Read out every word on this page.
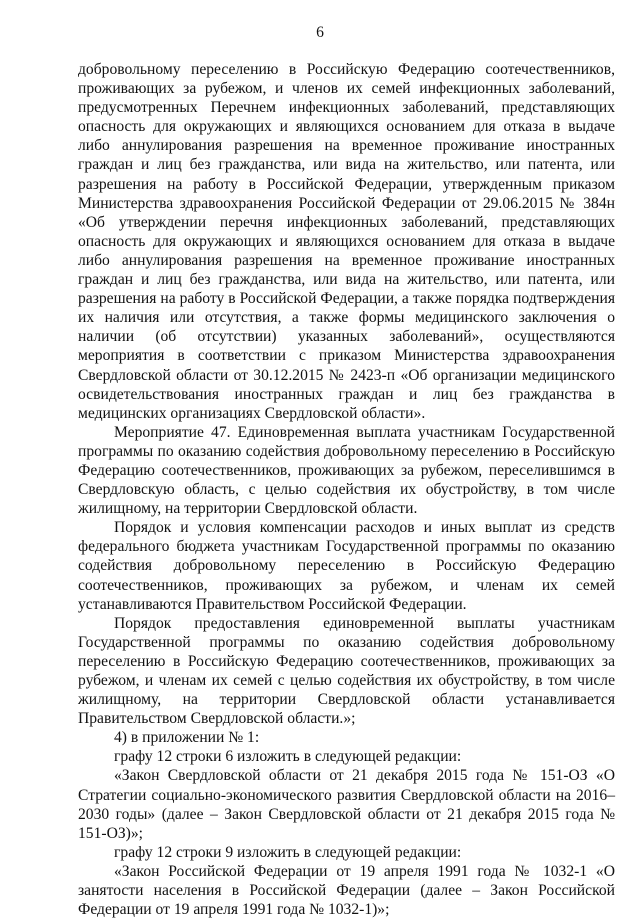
6

добровольному переселению в Российскую Федерацию соотечественников, проживающих за рубежом, и членов их семей инфекционных заболеваний, предусмотренных Перечнем инфекционных заболеваний, представляющих опасность для окружающих и являющихся основанием для отказа в выдаче либо аннулирования разрешения на временное проживание иностранных граждан и лиц без гражданства, или вида на жительство, или патента, или разрешения на работу в Российской Федерации, утвержденным приказом Министерства здравоохранения Российской Федерации от 29.06.2015 № 384н «Об утверждении перечня инфекционных заболеваний, представляющих опасность для окружающих и являющихся основанием для отказа в выдаче либо аннулирования разрешения на временное проживание иностранных граждан и лиц без гражданства, или вида на жительство, или патента, или разрешения на работу в Российской Федерации, а также порядка подтверждения их наличия или отсутствия, а также формы медицинского заключения о наличии (об отсутствии) указанных заболеваний», осуществляются мероприятия в соответствии с приказом Министерства здравоохранения Свердловской области от 30.12.2015 № 2423-п «Об организации медицинского освидетельствования иностранных граждан и лиц без гражданства в медицинских организациях Свердловской области».

Мероприятие 47. Единовременная выплата участникам Государственной программы по оказанию содействия добровольному переселению в Российскую Федерацию соотечественников, проживающих за рубежом, переселившимся в Свердловскую область, с целью содействия их обустройству, в том числе жилищному, на территории Свердловской области.

Порядок и условия компенсации расходов и иных выплат из средств федерального бюджета участникам Государственной программы по оказанию содействия добровольному переселению в Российскую Федерацию соотечественников, проживающих за рубежом, и членам их семей устанавливаются Правительством Российской Федерации.

Порядок предоставления единовременной выплаты участникам Государственной программы по оказанию содействия добровольному переселению в Российскую Федерацию соотечественников, проживающих за рубежом, и членам их семей с целью содействия их обустройству, в том числе жилищному, на территории Свердловской области устанавливается Правительством Свердловской области.»;

4) в приложении № 1:

графу 12 строки 6 изложить в следующей редакции:

«Закон Свердловской области от 21 декабря 2015 года № 151-ОЗ «О Стратегии социально-экономического развития Свердловской области на 2016–2030 годы» (далее – Закон Свердловской области от 21 декабря 2015 года № 151-ОЗ)»;

графу 12 строки 9 изложить в следующей редакции:

«Закон Российской Федерации от 19 апреля 1991 года № 1032-1 «О занятости населения в Российской Федерации (далее – Закон Российской Федерации от 19 апреля 1991 года № 1032-1)»;
